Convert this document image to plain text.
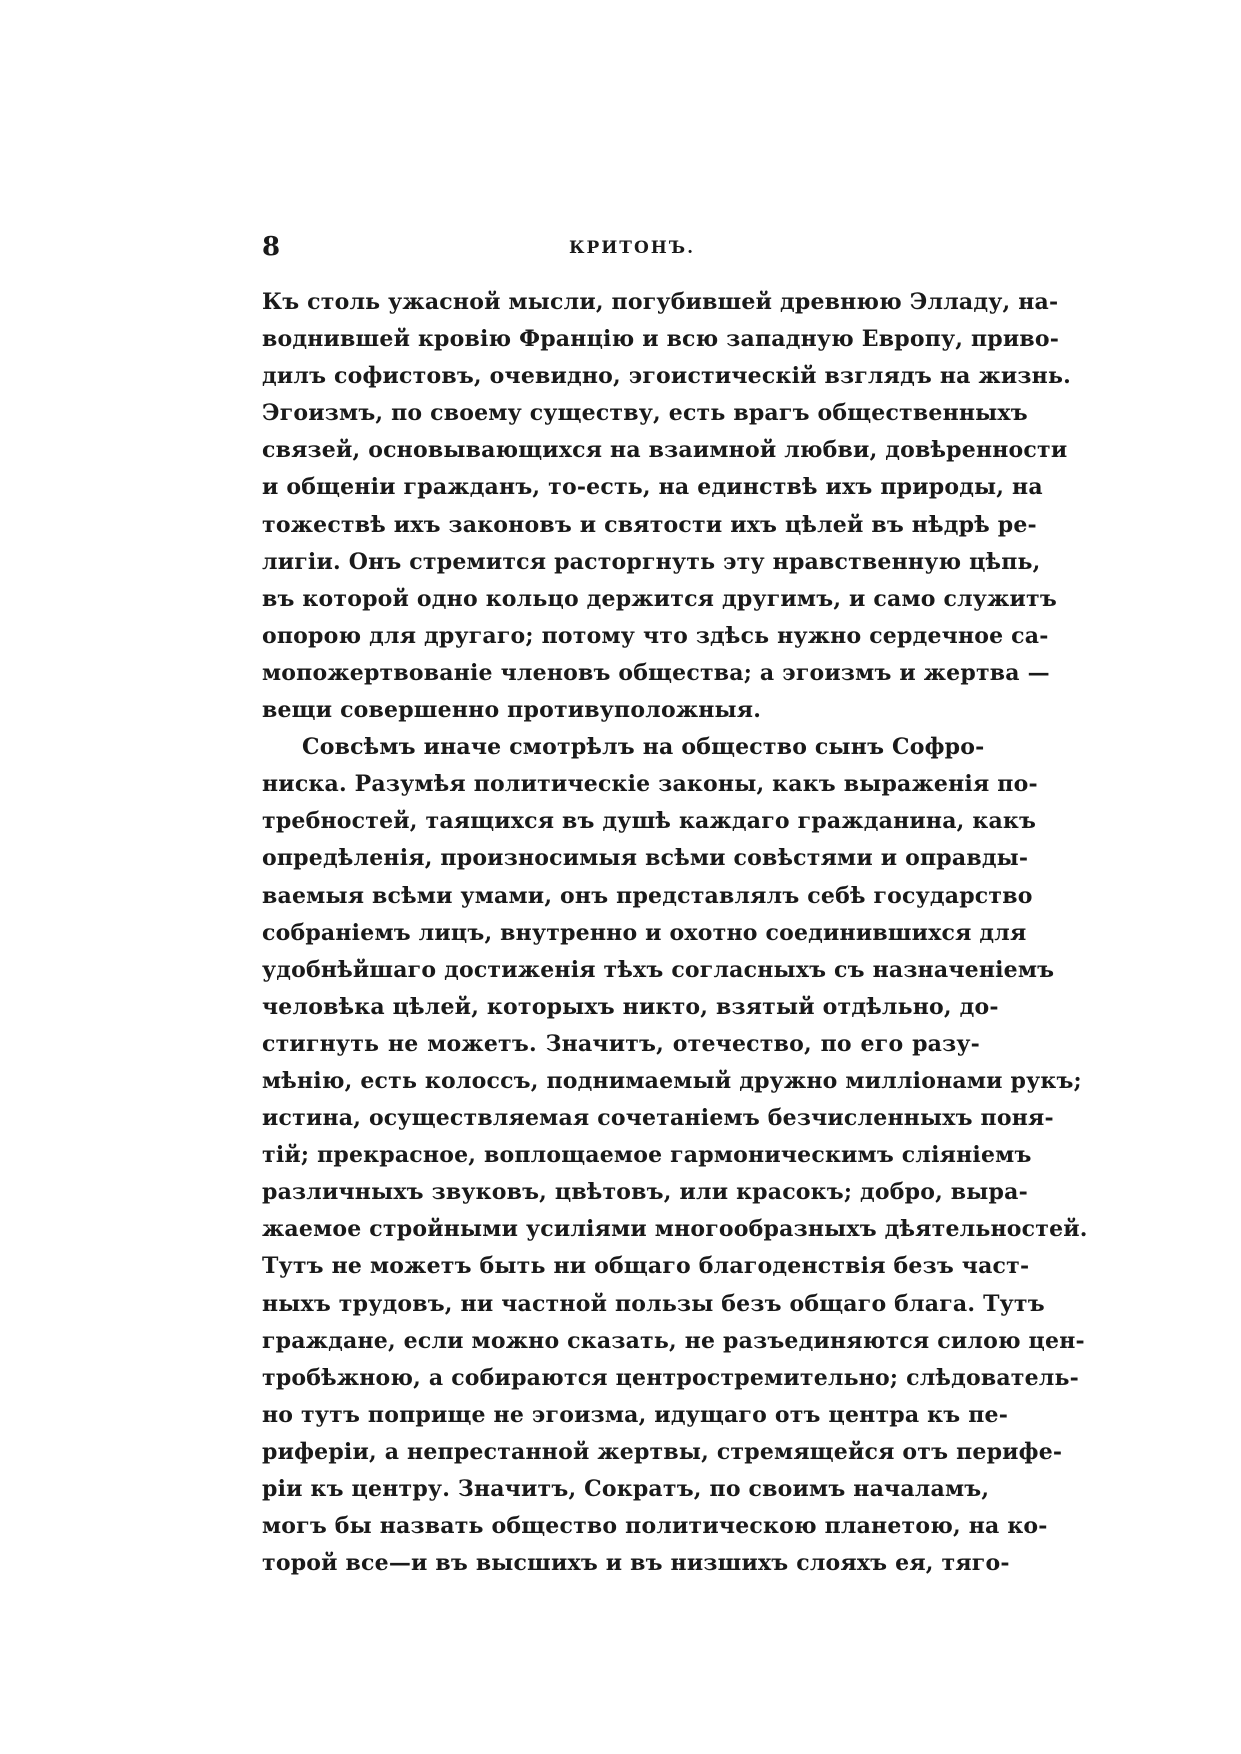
8	КРИТОНЪ.
Къ столь ужасной мысли, погубившей древнюю Элладу, на-
воднившей кровію Францію и всю западную Европу, приво-
дилъ софистовъ, очевидно, эгоистическій взглядъ на жизнь.
Эгоизмъ, по своему существу, есть врагъ общественныхъ
связей, основывающихся на взаимной любви, довѣренности
и общеніи гражданъ, то-есть, на единствѣ ихъ природы, на
тожествѣ ихъ законовъ и святости ихъ цѣлей въ нѣдрѣ ре-
лигіи. Онъ стремится расторгнуть эту нравственную цѣпь,
въ которой одно кольцо держится другимъ, и само служитъ
опорою для другаго; потому что здѣсь нужно сердечное са-
мопожертвованіе членовъ общества; а эгоизмъ и жертва —
вещи совершенно противуположныя.
Совсѣмъ иначе смотрѣлъ на общество сынъ Софро-
ниска. Разумѣя политическіе законы, какъ выраженія по-
требностей, таящихся въ душѣ каждаго гражданина, какъ
опредѣленія, произносимыя всѣми совѣстями и оправды-
ваемыя всѣми умами, онъ представлялъ себѣ государство
собраніемъ лицъ, внутренно и охотно соединившихся для
удобнѣйшаго достиженія тѣхъ согласныхъ съ назначеніемъ
человѣка цѣлей, которыхъ никто, взятый отдѣльно, до-
стигнуть не можетъ. Значитъ, отечество, по его разу-
мѣнію, есть колоссъ, поднимаемый дружно милліонами рукъ;
истина, осуществляемая сочетаніемъ безчисленныхъ поня-
тій; прекрасное, воплощаемое гармоническимъ сліяніемъ
различныхъ звуковъ, цвѣтовъ, или красокъ; добро, выра-
жаемое стройными усиліями многообразныхъ дѣятельностей.
Тутъ не можетъ быть ни общаго благоденствія безъ част-
ныхъ трудовъ, ни частной пользы безъ общаго блага. Тутъ
граждане, если можно сказать, не разъединяются силою цен-
тробѣжною, а собираются центростремительно; слѣдователь-
но тутъ поприще не эгоизма, идущаго отъ центра къ пе-
риферіи, а непрестанной жертвы, стремящейся отъ перифе-
ріи къ центру. Значитъ, Сократъ, по своимъ началамъ,
могъ бы назвать общество политическою планетою, на ко-
торой все—и въ высшихъ и въ низшихъ слояхъ ея, тяго-
